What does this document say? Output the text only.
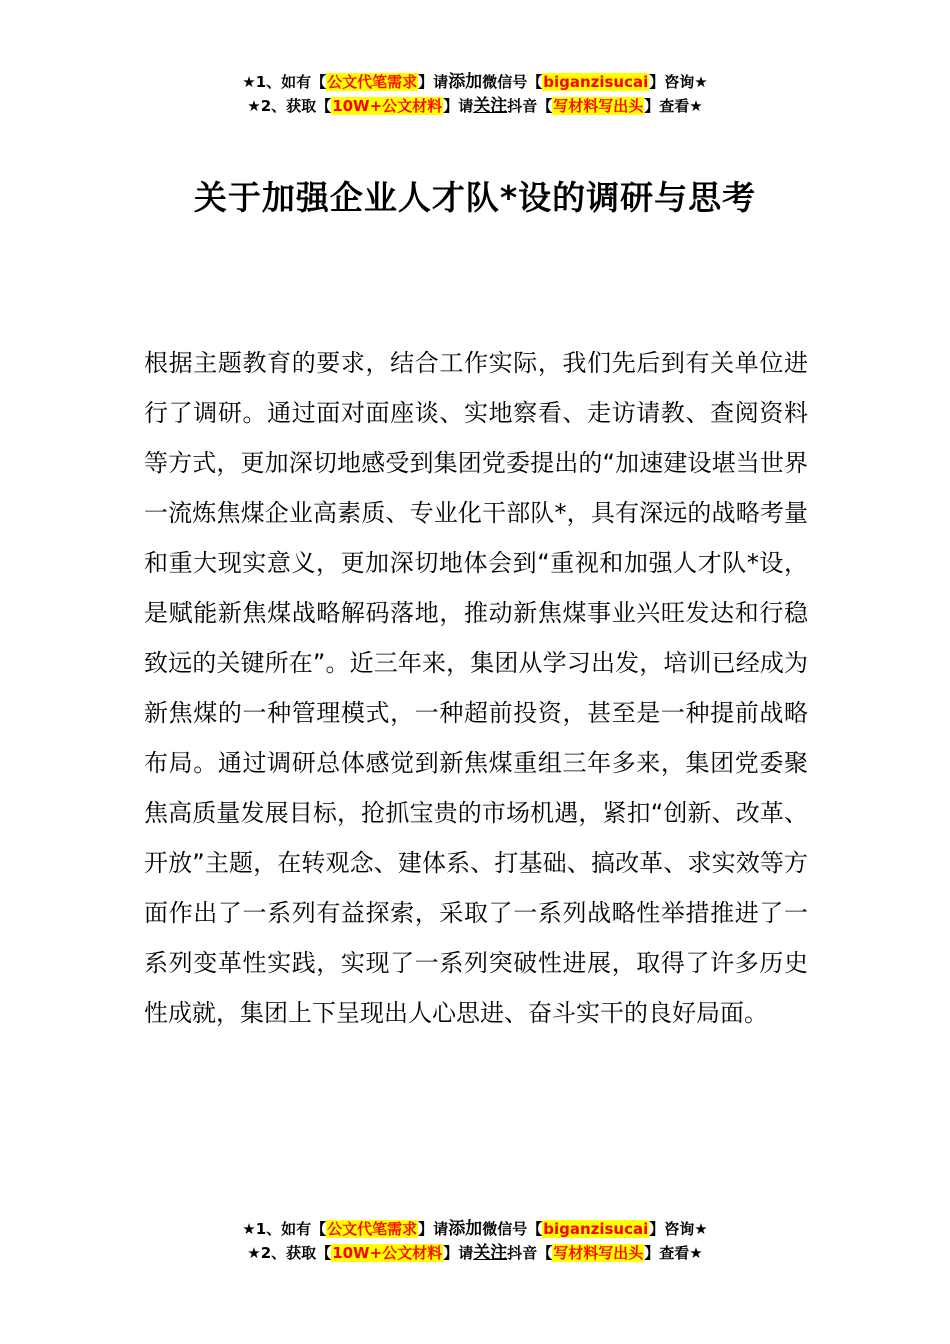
★1、如有【公文代笔需求】请添加微信号【biganzisucai】咨询★
★2、获取【10W+公文材料】请关注抖音【写材料写出头】查看★
关于加强企业人才队*设的调研与思考

根据主题教育的要求，结合工作实际，我们先后到有关单位进行了调研。通过面对面座谈、实地察看、走访请教、查阅资料等方式，更加深切地感受到集团党委提出的“加速建设堪当世界一流炼焦煤企业高素质、专业化干部队*，具有深远的战略考量和重大现实意义，更加深切地体会到“重视和加强人才队*设，是赋能新焦煤战略解码落地，推动新焦煤事业兴旺发达和行稳致远的关键所在”。近三年来，集团从学习出发，培训已经成为新焦煤的一种管理模式，一种超前投资，甚至是一种提前战略布局。通过调研总体感觉到新焦煤重组三年多来，集团党委聚焦高质量发展目标，抢抓宝贵的市场机遇，紧扣“创新、改革、开放”主题，在转观念、建体系、打基础、搞改革、求实效等方面作出了一系列有益探索，采取了一系列战略性举措推进了一系列变革性实践，实现了一系列突破性进展，取得了许多历史性成就，集团上下呈现出人心思进、奋斗实干的良好局面。

★1、如有【公文代笔需求】请添加微信号【biganzisucai】咨询★
★2、获取【10W+公文材料】请关注抖音【写材料写出头】查看★
